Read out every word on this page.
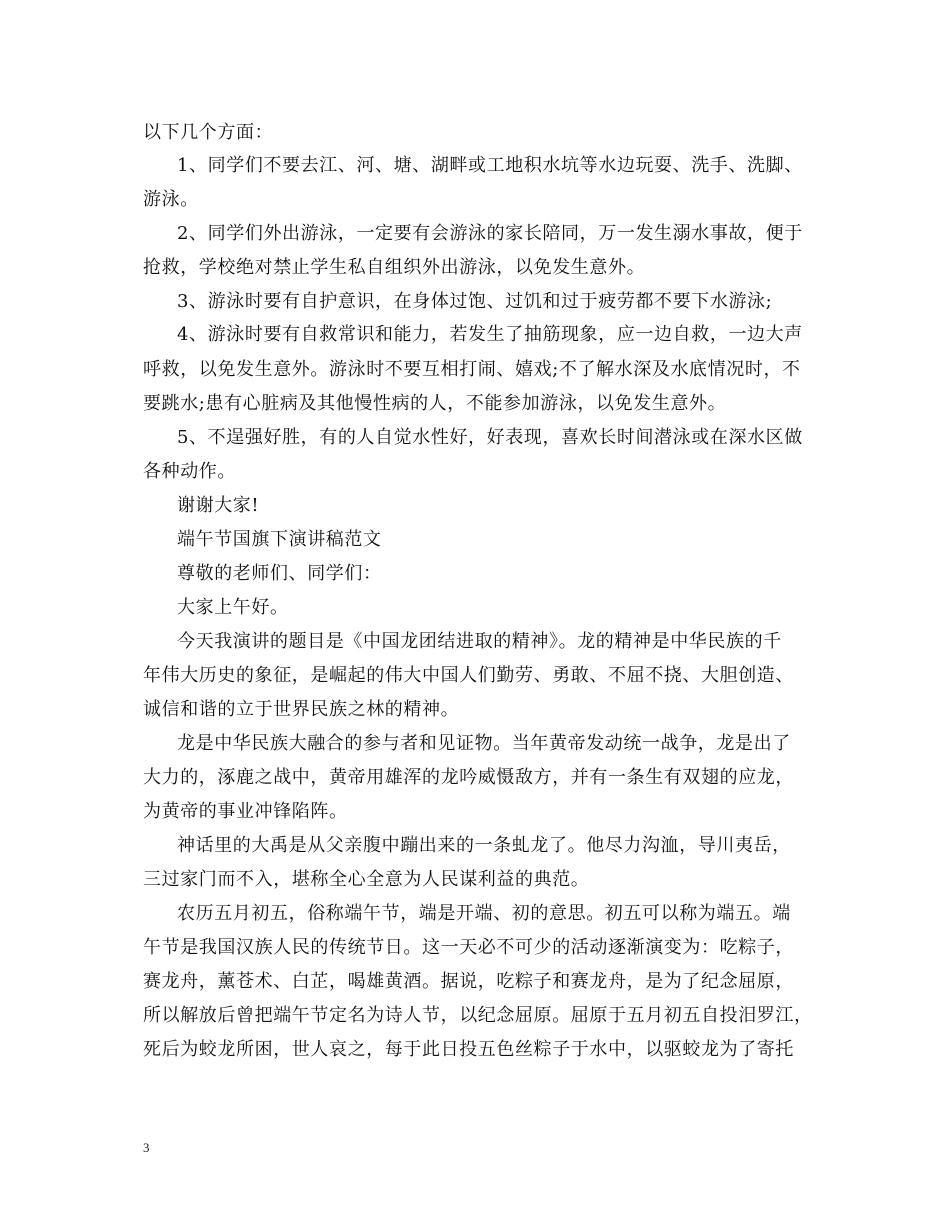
以下几个方面：
1、同学们不要去江、河、塘、湖畔或工地积水坑等水边玩耍、洗手、洗脚、
游泳。
2、同学们外出游泳，一定要有会游泳的家长陪同，万一发生溺水事故，便于
抢救，学校绝对禁止学生私自组织外出游泳，以免发生意外。
3、游泳时要有自护意识，在身体过饱、过饥和过于疲劳都不要下水游泳;
4、游泳时要有自救常识和能力，若发生了抽筋现象，应一边自救，一边大声
呼救，以免发生意外。游泳时不要互相打闹、嬉戏;不了解水深及水底情况时，不
要跳水;患有心脏病及其他慢性病的人，不能参加游泳，以免发生意外。
5、不逞强好胜，有的人自觉水性好，好表现，喜欢长时间潜泳或在深水区做
各种动作。
谢谢大家!
端午节国旗下演讲稿范文
尊敬的老师们、同学们：
大家上午好。
今天我演讲的题目是《中国龙团结进取的精神》。龙的精神是中华民族的千
年伟大历史的象征，是崛起的伟大中国人们勤劳、勇敢、不屈不挠、大胆创造、
诚信和谐的立于世界民族之林的精神。
龙是中华民族大融合的参与者和见证物。当年黄帝发动统一战争，龙是出了
大力的，涿鹿之战中，黄帝用雄浑的龙吟威慑敌方，并有一条生有双翅的应龙，
为黄帝的事业冲锋陷阵。
神话里的大禹是从父亲腹中蹦出来的一条虬龙了。他尽力沟洫，导川夷岳，
三过家门而不入，堪称全心全意为人民谋利益的典范。
农历五月初五，俗称端午节，端是开端、初的意思。初五可以称为端五。端
午节是我国汉族人民的传统节日。这一天必不可少的活动逐渐演变为：吃粽子，
赛龙舟，薰苍术、白芷，喝雄黄酒。据说，吃粽子和赛龙舟，是为了纪念屈原，
所以解放后曾把端午节定名为诗人节，以纪念屈原。屈原于五月初五自投汨罗江，
死后为蛟龙所困，世人哀之，每于此日投五色丝粽子于水中，以驱蛟龙为了寄托
3
